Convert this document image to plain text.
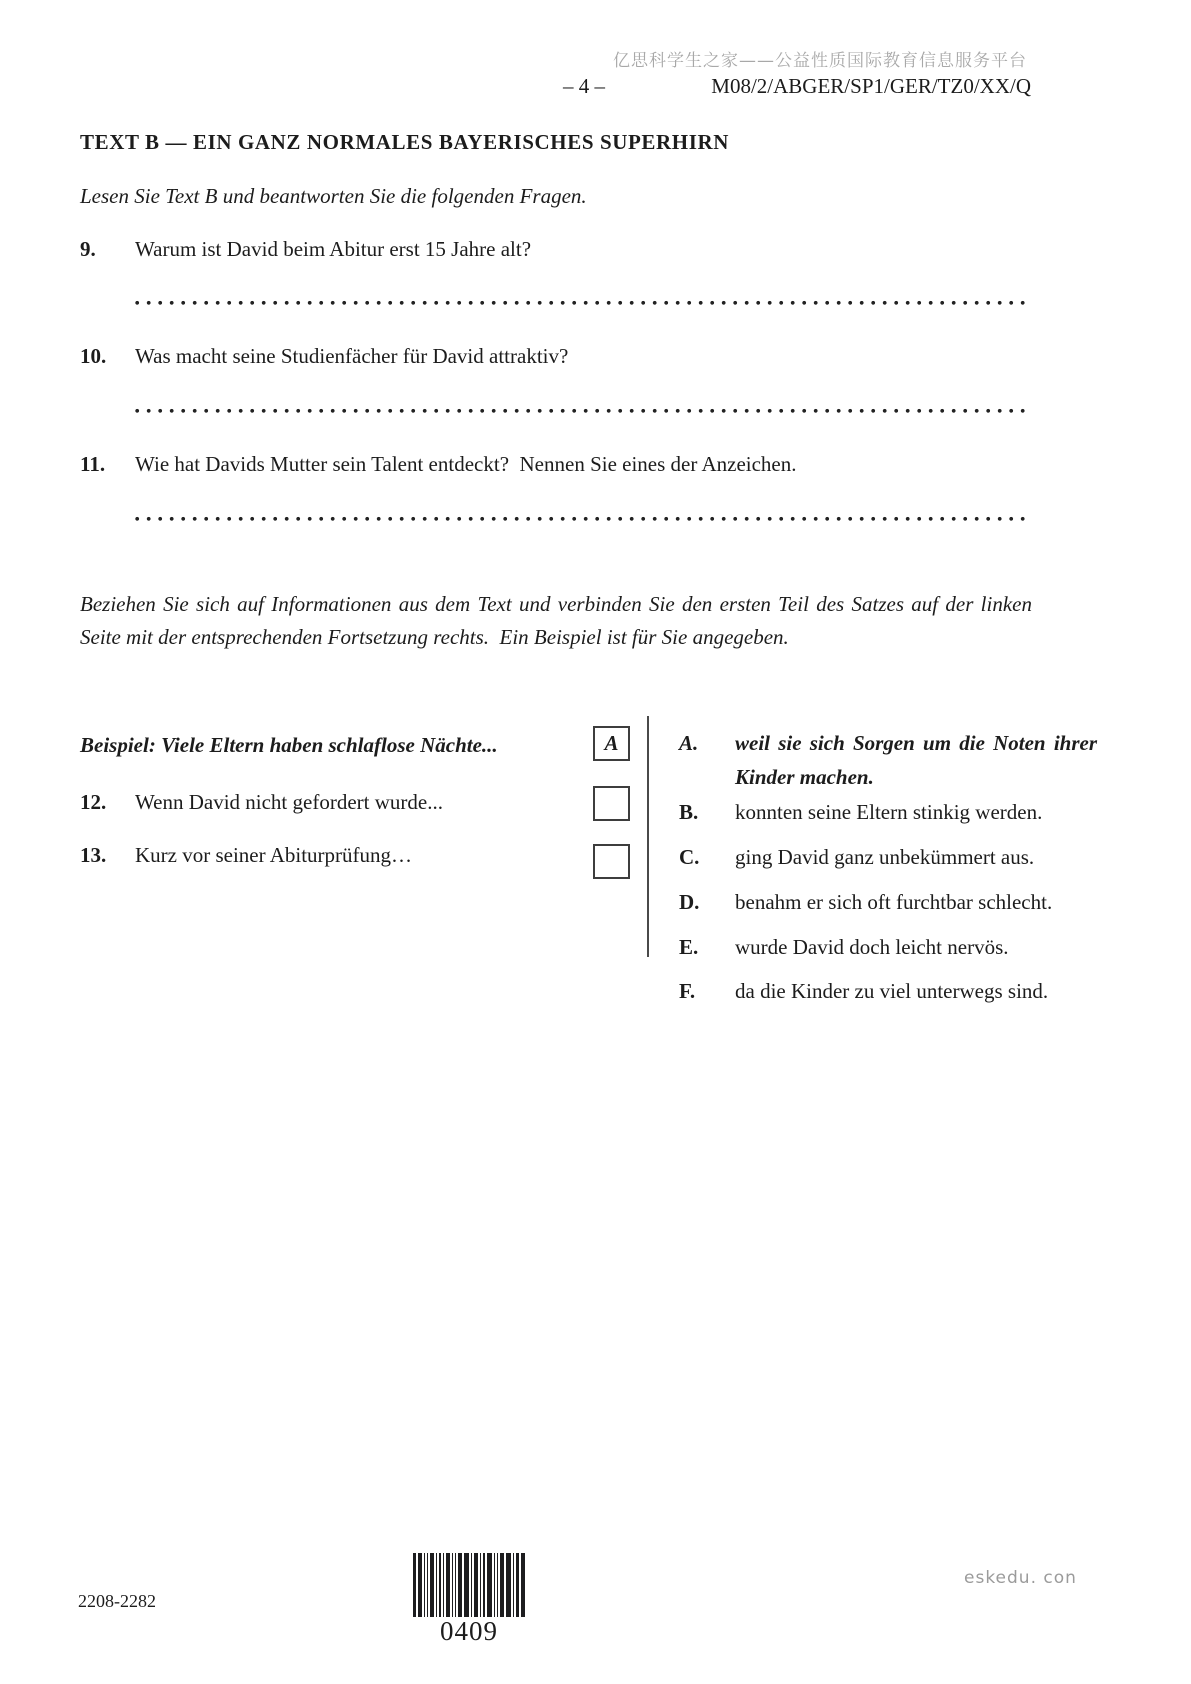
亿思科学生之家——公益性质国际教育信息服务平台
– 4 –	M08/2/ABGER/SP1/GER/TZ0/XX/Q
TEXT B — EIN GANZ NORMALES BAYERISCHES SUPERHIRN
Lesen Sie Text B und beantworten Sie die folgenden Fragen.
9. Warum ist David beim Abitur erst 15 Jahre alt?
10. Was macht seine Studienfächer für David attraktiv?
11. Wie hat Davids Mutter sein Talent entdeckt?  Nennen Sie eines der Anzeichen.
Beziehen Sie sich auf Informationen aus dem Text und verbinden Sie den ersten Teil des Satzes auf der linken Seite mit der entsprechenden Fortsetzung rechts.  Ein Beispiel ist für Sie angegeben.
Beispiel: Viele Eltern haben schlaflose Nächte...	A
12. Wenn David nicht gefordert wurde...
13. Kurz vor seiner Abiturprüfung…
A.	weil sie sich Sorgen um die Noten ihrer Kinder machen.
B. konnten seine Eltern stinkig werden.
C. ging David ganz unbekümmert aus.
D. benahm er sich oft furchtbar schlecht.
E. wurde David doch leicht nervös.
F. da die Kinder zu viel unterwegs sind.
2208-2282
0409
eskedu. con
